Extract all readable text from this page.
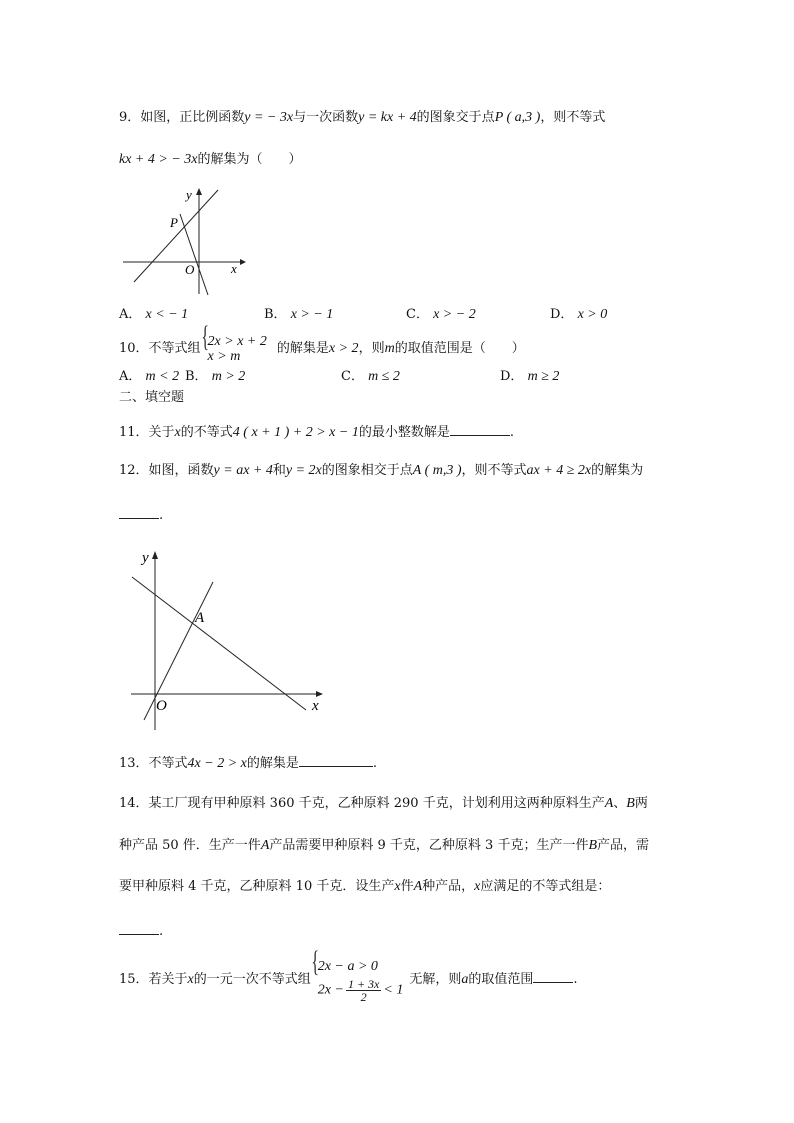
9．如图，正比例函数y = − 3x与一次函数y = kx + 4的图象交于点P ( a,3 )，则不等式
kx + 4 > − 3x的解集为（　　）
y
x
O
P
A． x < − 1	B． x > − 1	C． x > − 2	D． x > 0
10．不等式组
{ 2x > x + 2
x > m	的解集是x > 2，则m的取值范围是（　　）
A． m < 2 B． m > 2	C． m ≤ 2	D． m ≥ 2
二、填空题
11．关于x的不等式4 ( x + 1 ) + 2 > x − 1的最小整数解是	.
12．如图，函数y = ax + 4和y = 2x的图象相交于点A ( m,3 )，则不等式ax + 4 ≥ 2x的解集为
.
y
x
O
A
13．不等式4x − 2 > x的解集是	.
14．某工厂现有甲种原料 360 千克，乙种原料 290 千克，计划利用这两种原料生产A、B两
种产品 50 件．生产一件A产品需要甲种原料 9 千克，乙种原料 3 千克；生产一件B产品，需
要甲种原料 4 千克，乙种原料 10 千克．设生产x件A种产品，x应满足的不等式组是：
.
15．若关于x的一元一次不等式组
{ 2x − a > 0
$2x - \frac{1 + 3x}{2} < 1$
无解，则a的取值范围	.
